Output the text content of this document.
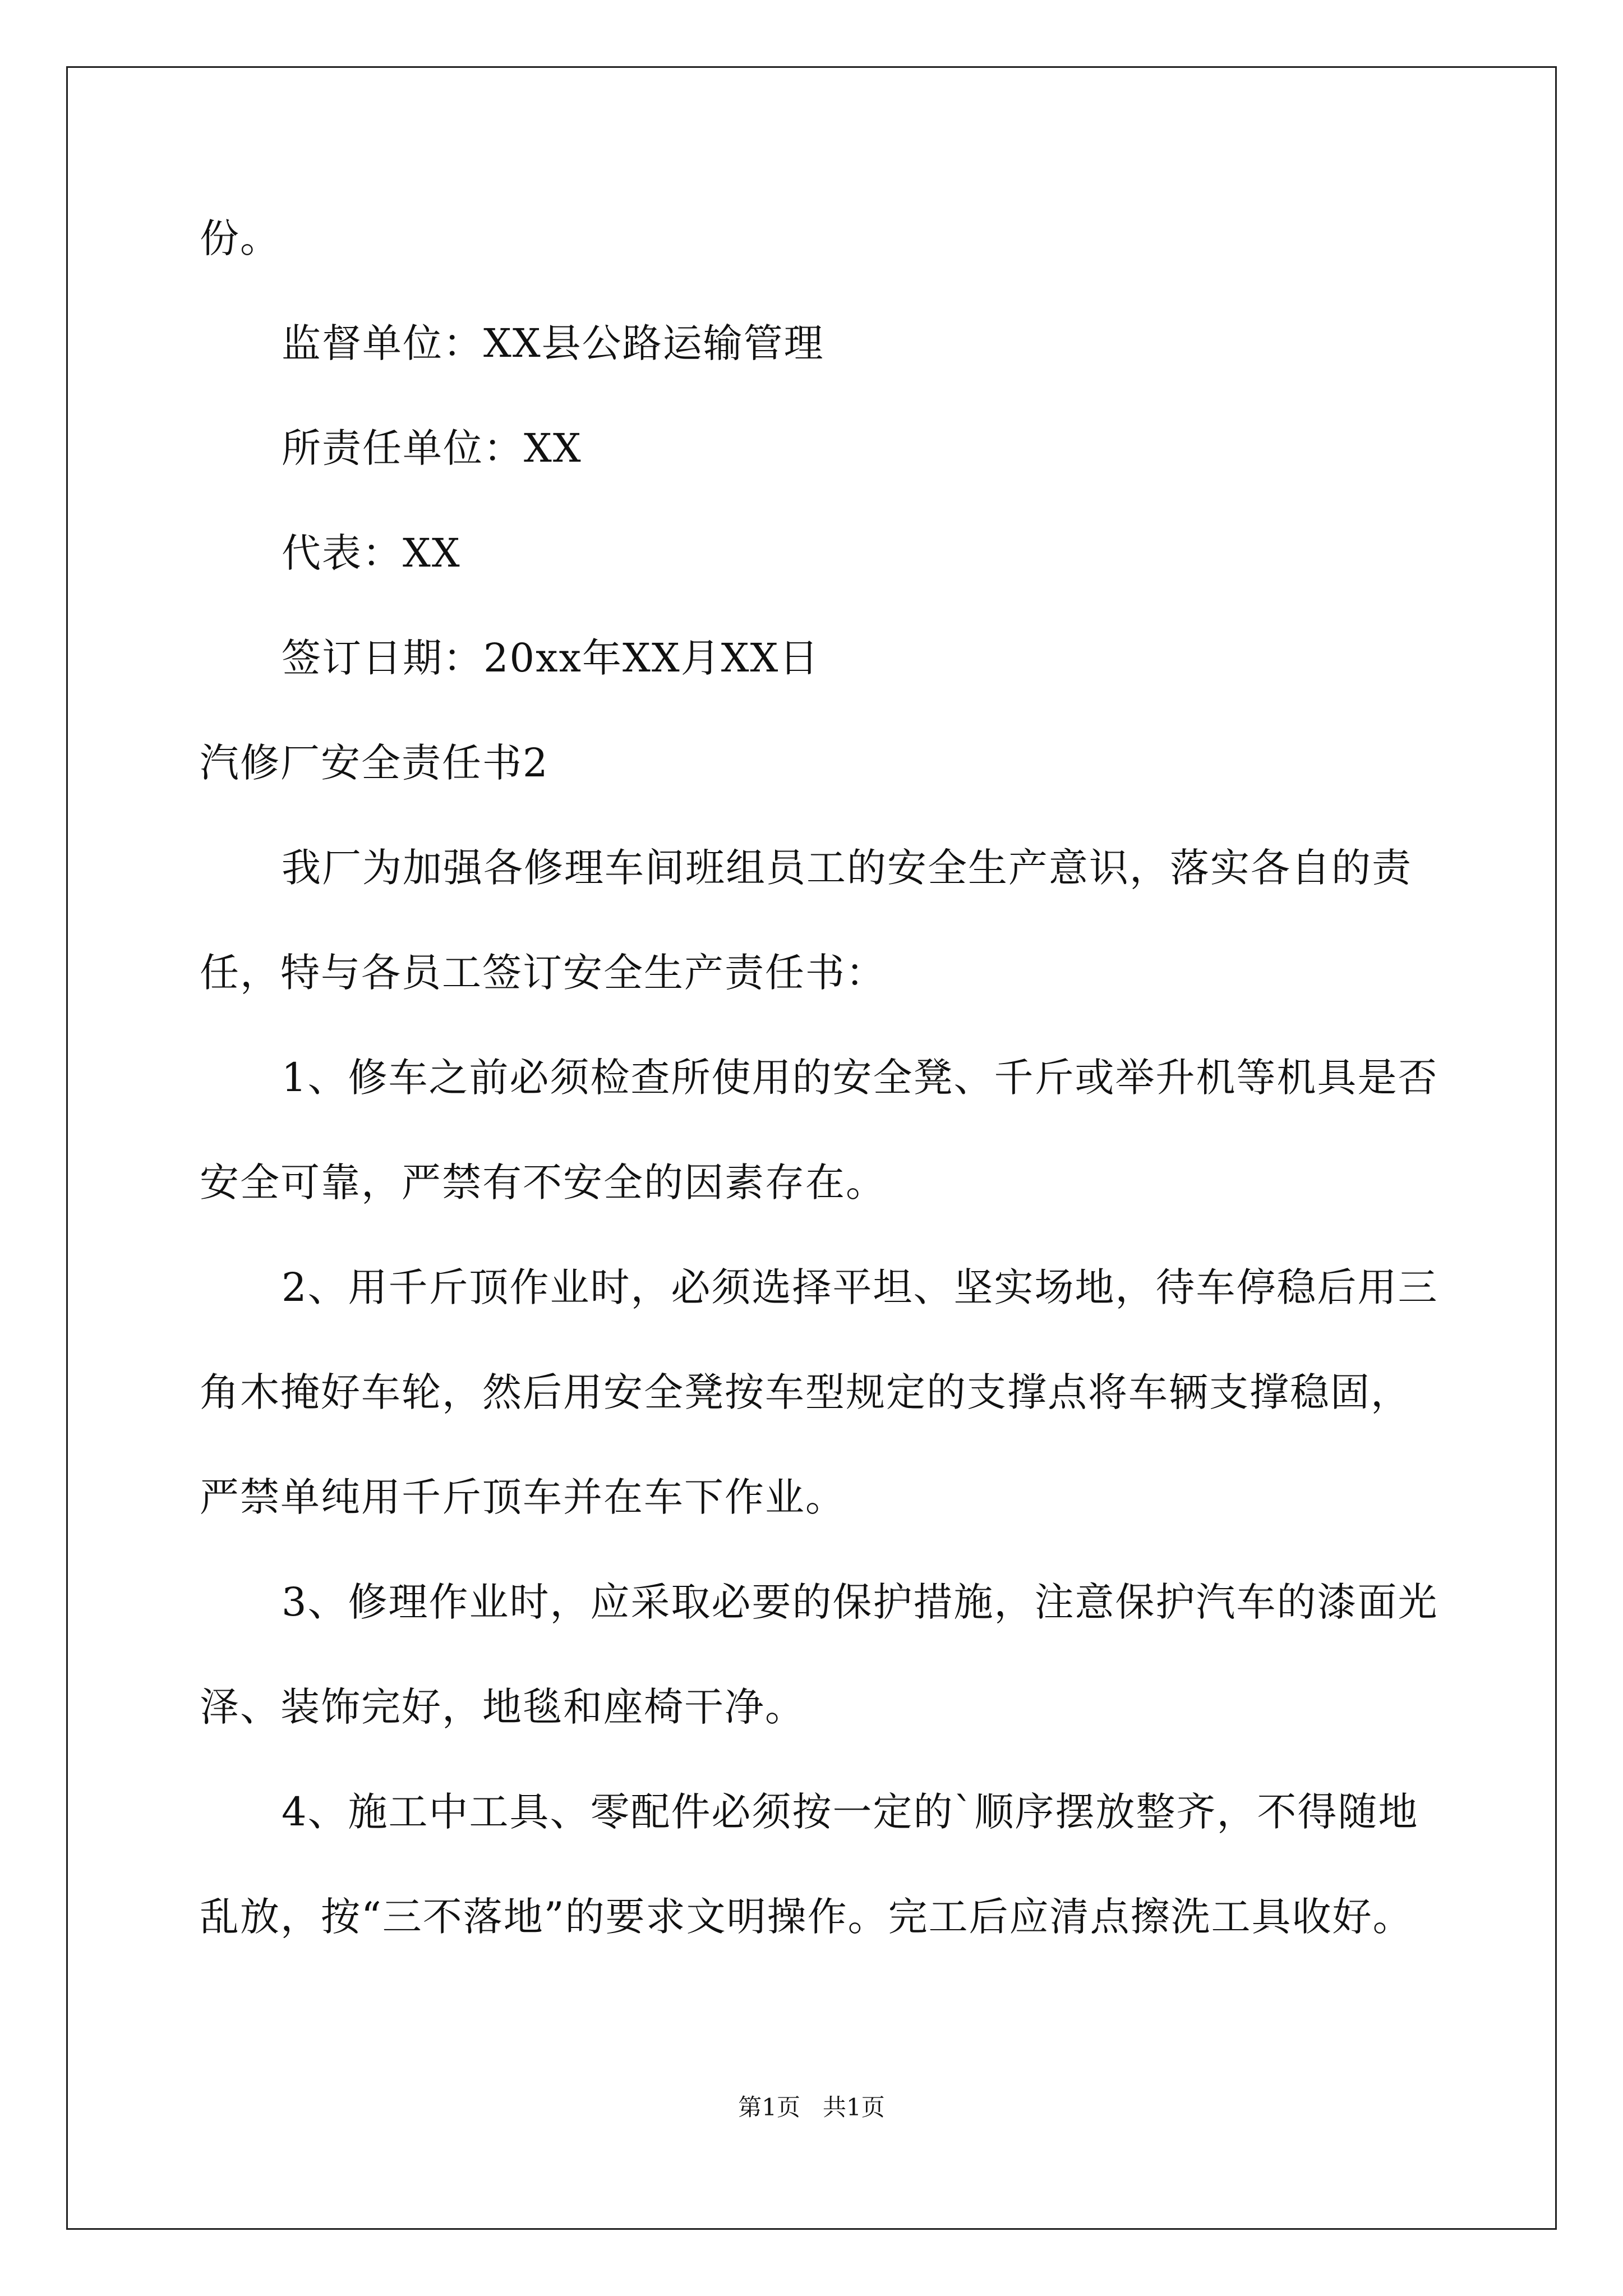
份。
监督单位：XX县公路运输管理
所责任单位：XX
代表：XX
签订日期：20xx年XX月XX日
汽修厂安全责任书2
我厂为加强各修理车间班组员工的安全生产意识，落实各自的责
任，特与各员工签订安全生产责任书：
1、修车之前必须检查所使用的安全凳、千斤或举升机等机具是否
安全可靠，严禁有不安全的因素存在。
2、用千斤顶作业时，必须选择平坦、坚实场地，待车停稳后用三
角木掩好车轮，然后用安全凳按车型规定的支撑点将车辆支撑稳固，
严禁单纯用千斤顶车并在车下作业。
3、修理作业时，应采取必要的保护措施，注意保护汽车的漆面光
泽、装饰完好，地毯和座椅干净。
4、施工中工具、零配件必须按一定的`顺序摆放整齐，不得随地
乱放，按“三不落地”的要求文明操作。完工后应清点擦洗工具收好。
第1页   共1页
